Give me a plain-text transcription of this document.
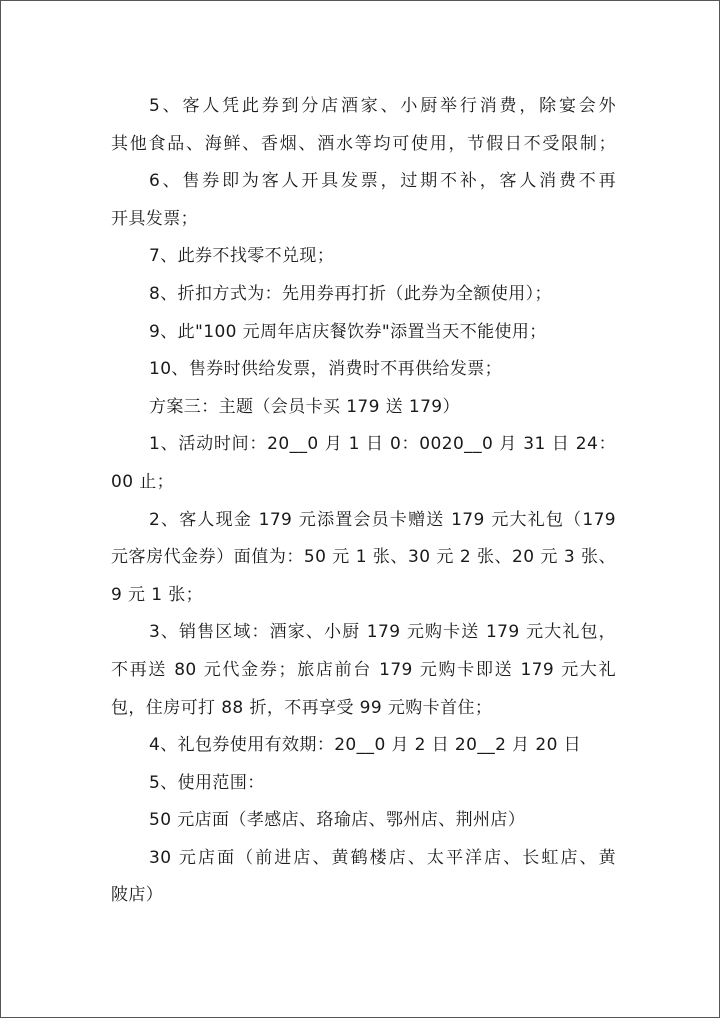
5、客人凭此券到分店酒家、小厨举行消费，除宴会外
其他食品、海鲜、香烟、酒水等均可使用，节假日不受限制；
6、售券即为客人开具发票，过期不补，客人消费不再
开具发票；
7、此券不找零不兑现；
8、折扣方式为：先用券再打折（此券为全额使用）；
9、此"100 元周年店庆餐饮券"添置当天不能使用；
10、售券时供给发票，消费时不再供给发票；
方案三：主题（会员卡买 179 送 179）
1、活动时间：20__0 月 1 日 0：0020__0 月 31 日 24：
00 止；
2、客人现金 179 元添置会员卡赠送 179 元大礼包（179
元客房代金券）面值为：50 元 1 张、30 元 2 张、20 元 3 张、
9 元 1 张；
3、销售区域：酒家、小厨 179 元购卡送 179 元大礼包，
不再送 80 元代金券；旅店前台 179 元购卡即送 179 元大礼
包，住房可打 88 折，不再享受 99 元购卡首住；
4、礼包券使用有效期：20__0 月 2 日 20__2 月 20 日
5、使用范围：
50 元店面（孝感店、珞瑜店、鄂州店、荆州店）
30 元店面（前进店、黄鹤楼店、太平洋店、长虹店、黄
陂店）
